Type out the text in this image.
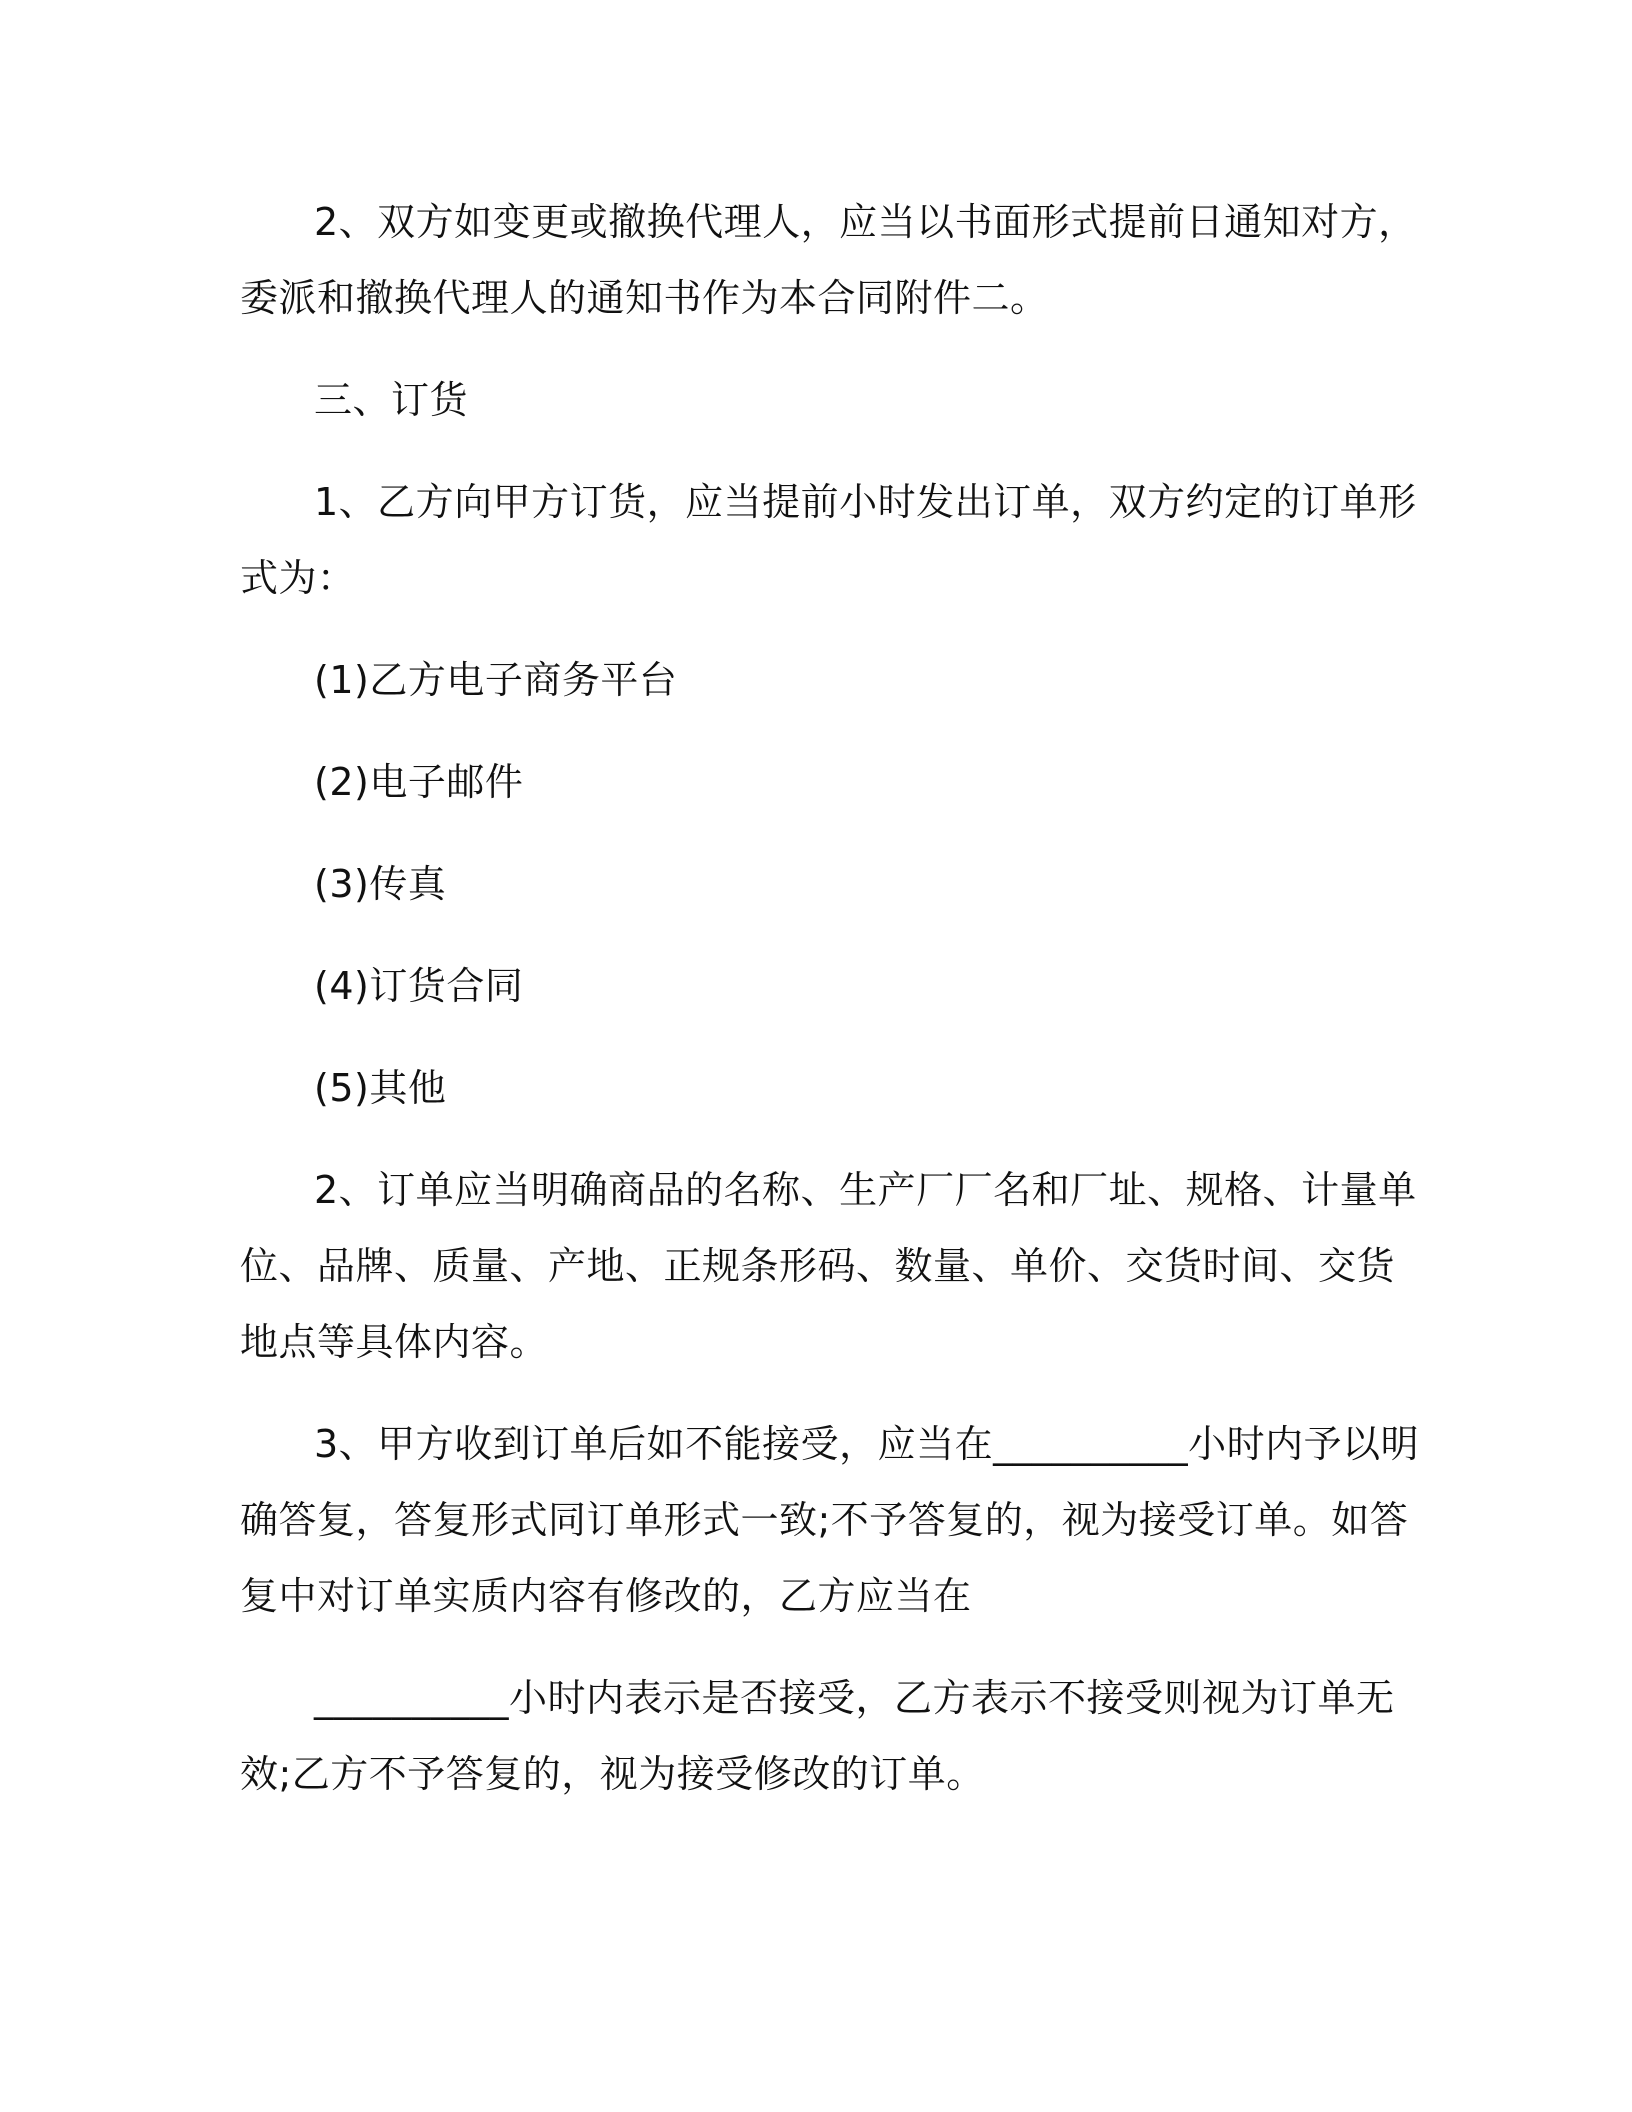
2、双方如变更或撤换代理人，应当以书面形式提前日通知对方，
委派和撤换代理人的通知书作为本合同附件二。
三、订货
1、乙方向甲方订货，应当提前小时发出订单，双方约定的订单形
式为：
(1)乙方电子商务平台
(2)电子邮件
(3)传真
(4)订货合同
(5)其他
2、订单应当明确商品的名称、生产厂厂名和厂址、规格、计量单
位、品牌、质量、产地、正规条形码、数量、单价、交货时间、交货
地点等具体内容。
3、甲方收到订单后如不能接受，应当在__________小时内予以明
确答复，答复形式同订单形式一致;不予答复的，视为接受订单。如答
复中对订单实质内容有修改的，乙方应当在
__________小时内表示是否接受，乙方表示不接受则视为订单无
效;乙方不予答复的，视为接受修改的订单。
